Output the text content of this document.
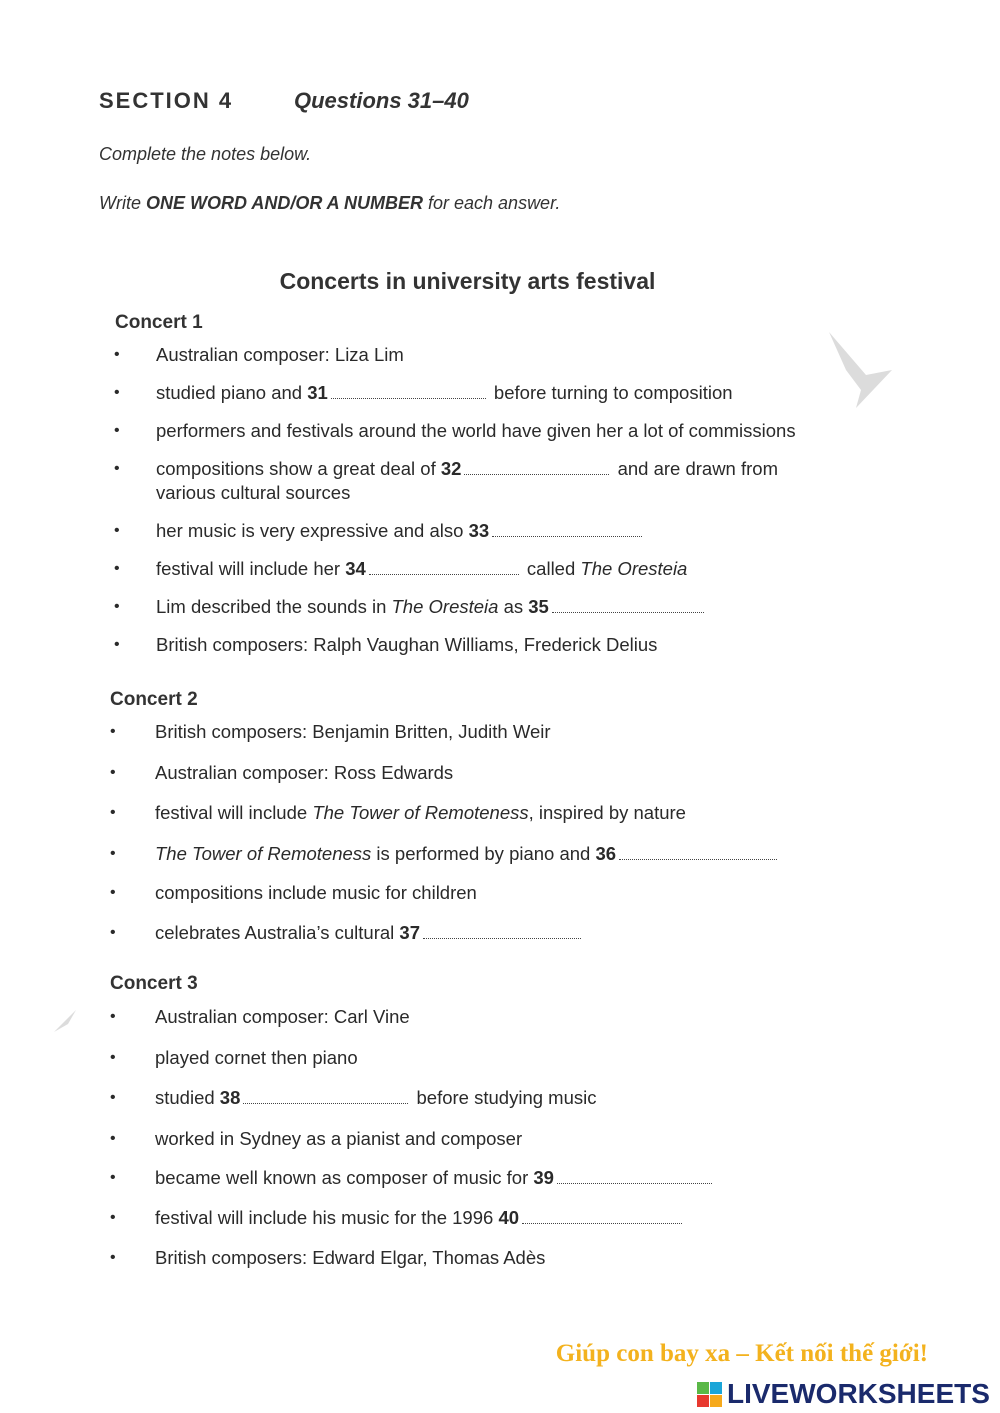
SECTION 4	Questions 31–40
Complete the notes below.
Write ONE WORD AND/OR A NUMBER for each answer.
Concerts in university arts festival
Concert 1
• Australian composer: Liza Lim
• studied piano and 31	before turning to composition
• performers and festivals around the world have given her a lot of commissions
• compositions show a great deal of 32	and are drawn from
various cultural sources
• her music is very expressive and also 33
• festival will include her 34	called The Oresteia
• Lim described the sounds in The Oresteia as 35
• British composers: Ralph Vaughan Williams, Frederick Delius
Concert 2
• British composers: Benjamin Britten, Judith Weir
• Australian composer: Ross Edwards
• festival will include The Tower of Remoteness, inspired by nature
• The Tower of Remoteness is performed by piano and 36
• compositions include music for children
• celebrates Australia’s cultural 37
Concert 3
• Australian composer: Carl Vine
• played cornet then piano
• studied 38	before studying music
• worked in Sydney as a pianist and composer
• became well known as composer of music for 39
• festival will include his music for the 1996 40
• British composers: Edward Elgar, Thomas Adès
Giúp con bay xa – Kết nối thế giới!
LIVEWORKSHEETS
